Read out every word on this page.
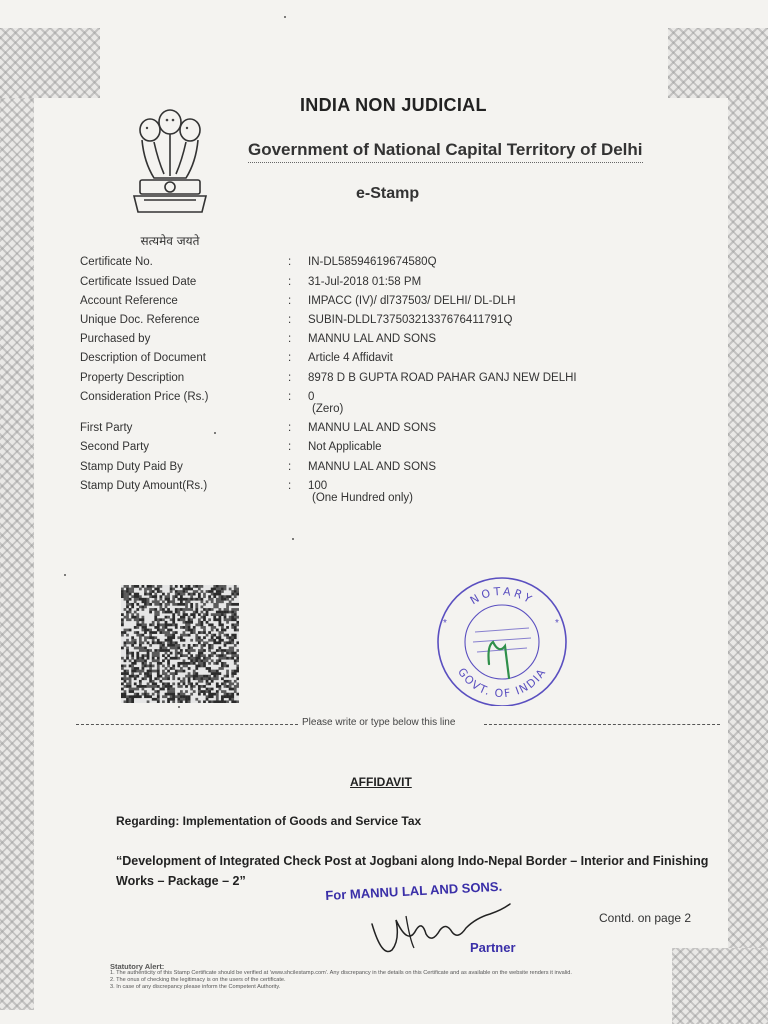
सत्यमेव जयते
INDIA NON JUDICIAL
Government of National Capital Territory of Delhi
e-Stamp
Certificate No.	: IN-DL58594619674580Q
Certificate Issued Date	: 31-Jul-2018 01:58 PM
Account Reference	: IMPACC (IV)/ dl737503/ DELHI/ DL-DLH
Unique Doc. Reference	: SUBIN-DLDL73750321337676411791Q
Purchased by	: MANNU LAL AND SONS
Description of Document	: Article 4 Affidavit
Property Description	: 8978 D B GUPTA ROAD PAHAR GANJ NEW DELHI
Consideration Price (Rs.)	: 0
(Zero)
First Party	: MANNU LAL AND SONS
Second Party	: Not Applicable
Stamp Duty Paid By	: MANNU LAL AND SONS
Stamp Duty Amount(Rs.)	: 100
(One Hundred only)
NOTARY
GOVT. OF INDIA
*	*
Please write or type below this line
AFFIDAVIT
Regarding: Implementation of Goods and Service Tax
“Development of Integrated Check Post at Jogbani along Indo-Nepal Border – Interior and Finishing Works – Package – 2”	For MANNU LAL AND SONS.
Partner
Contd. on page 2
Statutory Alert:
1. The authenticity of this Stamp Certificate should be verified at 'www.shcilestamp.com'. Any discrepancy in the details on this Certificate and as available on the website renders it invalid.
2. The onus of checking the legitimacy is on the users of the certificate.
3. In case of any discrepancy please inform the Competent Authority.
